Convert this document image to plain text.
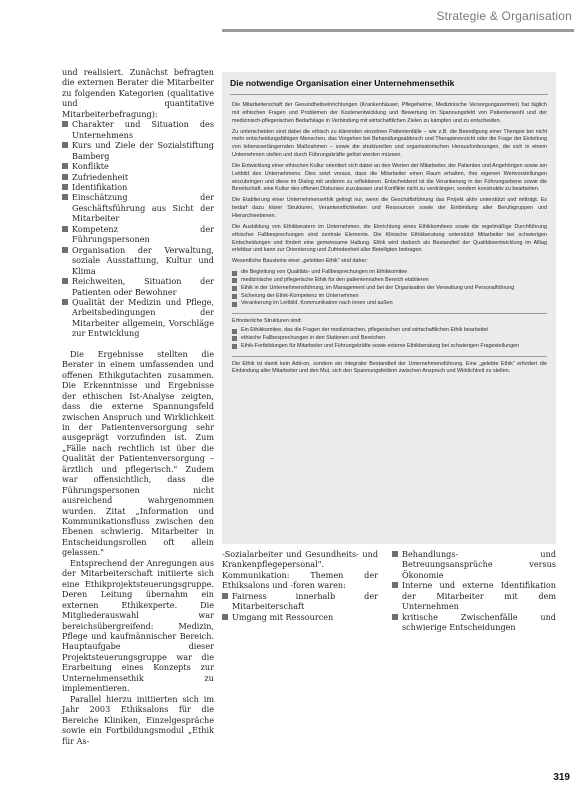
Strategie & Organisation

und realisiert. Zunächst befragten die externen Berater die Mitarbeiter zu folgenden Kategorien (qualitative und quantitative Mitarbeiterbefragung):

Charakter und Situation des Unternehmens
Kurs und Ziele der Sozialstiftung Bamberg
Konflikte
Zufriedenheit
Identifikation
Einschätzung der Geschäftsführung aus Sicht der Mitarbeiter
Kompetenz der Führungspersonen
Organisation der Verwaltung, soziale Ausstattung, Kultur und Klima
Reichweiten, Situation der Patienten oder Bewohner
Qualität der Medizin und Pflege, Arbeitsbedingungen der Mitarbeiter allgemein, Vorschläge zur Entwicklung

Die Ergebnisse stellten die Berater in einem umfassenden und offenen Ethikgutachten zusammen. Die Erkenntnisse und Ergebnisse der ethischen Ist-Analyse zeigten, dass die externe Spannungsfeld zwischen Anspruch und Wirklichkeit in der Patientenversorgung sehr ausgeprägt vorzufinden ist. Zum „Fälle nach rechtlich ist über die Qualität der Patientenversorgung – ärztlich und pflegerisch." Zudem war offensichtlich, dass die Führungspersonen nicht ausreichend wahrgenommen wurden. Zitat „Information und Kommunikationsfluss zwischen den Ebenen schwierig. Mitarbeiter in Entscheidungsrollen oft allein gelassen."

Entsprechend der Anregungen aus der Mitarbeiterschaft initiierte sich eine Ethikprojektsteuerungsgruppe. Deren Leitung übernahm ein externen Ethikexperte. Die Mitgliederauswahl war bereichsübergreifend: Medizin, Pflege und kaufmännischer Bereich. Hauptaufgabe dieser Projektsteuerungsgruppe war die Erarbeitung eines Konzepts zur Unternehmensethik zu implementieren.

Parallel hierzu initiierten sich im Jahr 2003 Ethiksalons für die Bereiche Kliniken, Einzelgespräche sowie ein Fortbildungsmodul „Ethik für As-

Die notwendige Organisation einer Unternehmensethik

Die Mitarbeiterschaft der Gesundheitseinrichtungen (Krankenhäuser, Pflegeheime, Medizinische Versorgungszentren) hat täglich mit ethischen Fragen und Problemen der Kostenentwicklung und Bewertung im Spannungsfeld von Patientenwohl und der medizinisch-pflegerischen Bedarfslage in Verbindung mit wirtschaftlichen Zielen zu kämpfen und zu entscheiden.

Zu unterscheiden sind dabei die ethisch zu klärenden einzelnen Patientenfälle – wie z.B. die Beendigung einer Therapie bei nicht mehr entscheidungsfähigen Menschen, das Vorgehen bei Behandlungsabbruch und Therapieverzicht oder die Frage der Einleitung von lebensverlängernden Maßnahmen – sowie die strukturellen und organisatorischen Herausforderungen, die sich in einem Unternehmen stellen und durch Führungskräfte gelöst werden müssen.

Die Entwicklung einer ethischen Kultur orientiert sich dabei an den Werten der Mitarbeiter, der Patienten und Angehörigen sowie am Leitbild des Unternehmens. Dies setzt voraus, dass die Mitarbeiter einen Raum erhalten, ihre eigenen Wertvorstellungen einzubringen und diese im Dialog mit anderen zu reflektieren. Entscheidend ist die Verankerung in der Führungsebene sowie die Bereitschaft, eine Kultur des offenen Diskurses zuzulassen und Konflikte nicht zu verdrängen, sondern konstruktiv zu bearbeiten.

Die Etablierung einer Unternehmensethik gelingt nur, wenn die Geschäftsführung das Projekt aktiv unterstützt und mitträgt. Es bedarf dazu klarer Strukturen, Verantwortlichkeiten und Ressourcen sowie der Einbindung aller Berufsgruppen und Hierarchieebenen.

Die Ausbildung von Ethikberatern im Unternehmen, die Einrichtung eines Ethikkomitees sowie die regelmäßige Durchführung ethischer Fallbesprechungen sind zentrale Elemente. Die Klinische Ethikberatung unterstützt Mitarbeiter bei schwierigen Entscheidungen und fördert eine gemeinsame Haltung. Ethik wird dadurch als Bestandteil der Qualitätsentwicklung im Alltag erlebbar und kann zur Orientierung und Zufriedenheit aller Beteiligten beitragen.

Wesentliche Bausteine einer „gelebten Ethik" sind daher:

die Begleitung von Qualitäts- und Fallbesprechungen im Ethikkomitee
medizinische und pflegerische Ethik für den patientennahen Bereich etablieren
Ethik in der Unternehmensführung, im Management und bei der Organisation der Verwaltung und Personalführung
Sicherung der Ethik-Kompetenz im Unternehmen
Verankerung im Leitbild, Kommunikation nach innen und außen

Erforderliche Strukturen sind:

Ein Ethikkomitee, das die Fragen der medizinischen, pflegerischen und wirtschaftlichen Ethik bearbeitet
ethische Fallbesprechungen in den Stationen und Bereichen
Ethik-Fortbildungen für Mitarbeiter und Führungskräfte sowie externe Ethikberatung bei schwierigen Fragestellungen

Die Ethik ist damit kein Add-on, sondern ein integraler Bestandteil der Unternehmensführung. Eine „gelebte Ethik" erfordert die Einbindung aller Mitarbeiter und den Mut, sich den Spannungsfeldern zwischen Anspruch und Wirklichkeit zu stellen.

-Sozialarbeiter und Gesundheits- und Krankenpflegepersonal". Kommunikation: Themen der Ethiksalons und -foren waren:

Fairness innerhalb der Mitarbeiterschaft
Umgang mit Ressourcen
Behandlungs- und Betreuungsansprüche versus Ökonomie
Interne und externe Identifikation der Mitarbeiter mit dem Unternehmen
kritische Zwischenfälle und schwierige Entscheidungen
319
